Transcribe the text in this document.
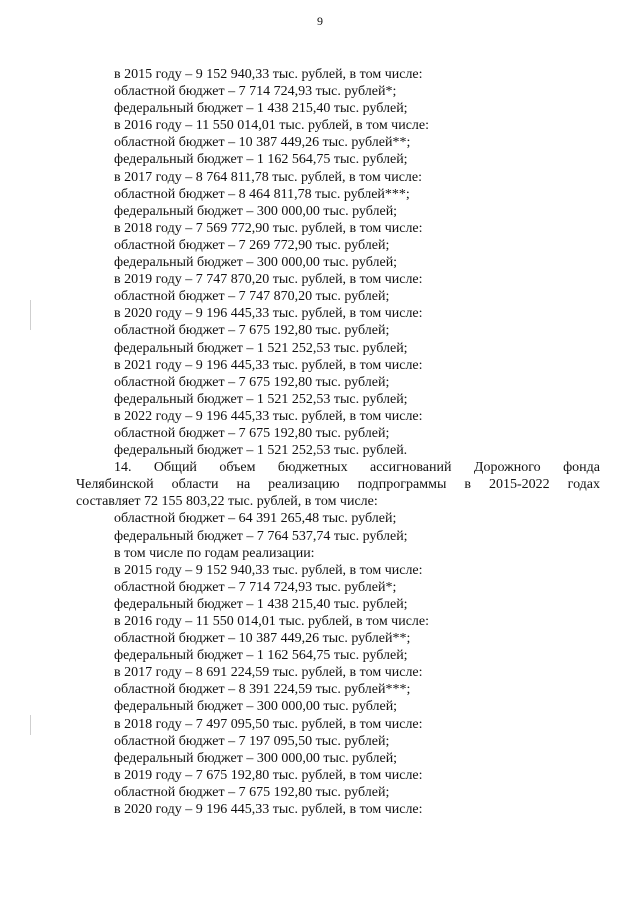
9
в 2015 году – 9 152 940,33 тыс. рублей, в том числе:
областной бюджет – 7 714 724,93 тыс. рублей*;
федеральный бюджет – 1 438 215,40 тыс. рублей;
в 2016 году – 11 550 014,01 тыс. рублей, в том числе:
областной бюджет – 10 387 449,26 тыс. рублей**;
федеральный бюджет – 1 162 564,75 тыс. рублей;
в 2017 году – 8 764 811,78 тыс. рублей, в том числе:
областной бюджет – 8 464 811,78 тыс. рублей***;
федеральный бюджет – 300 000,00 тыс. рублей;
в 2018 году – 7 569 772,90 тыс. рублей, в том числе:
областной бюджет – 7 269 772,90 тыс. рублей;
федеральный бюджет – 300 000,00 тыс. рублей;
в 2019 году – 7 747 870,20 тыс. рублей, в том числе:
областной бюджет – 7 747 870,20 тыс. рублей;
в 2020 году – 9 196 445,33 тыс. рублей, в том числе:
областной бюджет – 7 675 192,80 тыс. рублей;
федеральный бюджет – 1 521 252,53 тыс. рублей;
в 2021 году – 9 196 445,33 тыс. рублей, в том числе:
областной бюджет – 7 675 192,80 тыс. рублей;
федеральный бюджет – 1 521 252,53 тыс. рублей;
в 2022 году – 9 196 445,33 тыс. рублей, в том числе:
областной бюджет – 7 675 192,80 тыс. рублей;
федеральный бюджет – 1 521 252,53 тыс. рублей.
14. Общий объем бюджетных ассигнований Дорожного фонда
Челябинской области на реализацию подпрограммы в 2015-2022 годах
составляет 72 155 803,22 тыс. рублей, в том числе:
областной бюджет – 64 391 265,48 тыс. рублей;
федеральный бюджет – 7 764 537,74 тыс. рублей;
в том числе по годам реализации:
в 2015 году – 9 152 940,33 тыс. рублей, в том числе:
областной бюджет – 7 714 724,93 тыс. рублей*;
федеральный бюджет – 1 438 215,40 тыс. рублей;
в 2016 году – 11 550 014,01 тыс. рублей, в том числе:
областной бюджет – 10 387 449,26 тыс. рублей**;
федеральный бюджет – 1 162 564,75 тыс. рублей;
в 2017 году – 8 691 224,59 тыс. рублей, в том числе:
областной бюджет – 8 391 224,59 тыс. рублей***;
федеральный бюджет – 300 000,00 тыс. рублей;
в 2018 году – 7 497 095,50 тыс. рублей, в том числе:
областной бюджет – 7 197 095,50 тыс. рублей;
федеральный бюджет – 300 000,00 тыс. рублей;
в 2019 году – 7 675 192,80 тыс. рублей, в том числе:
областной бюджет – 7 675 192,80 тыс. рублей;
в 2020 году – 9 196 445,33 тыс. рублей, в том числе:
